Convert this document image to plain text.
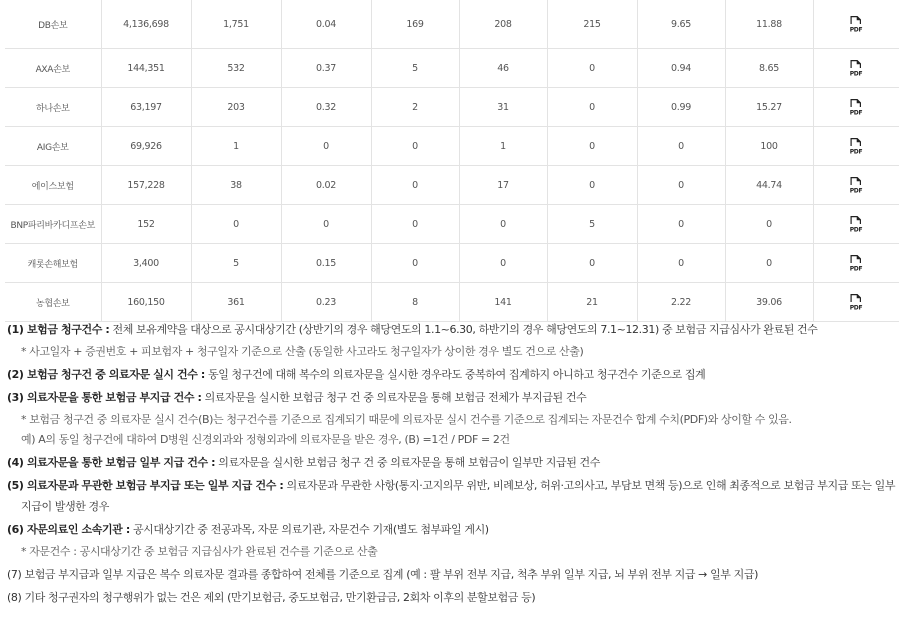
DB손보	4,136,698	1,751	0.04	169	208	215	9.65	11.88	PDF

AXA손보	144,351	532	0.37	5	46	0	0.94	8.65	PDF

하나손보	63,197	203	0.32	2	31	0	0.99	15.27	PDF

AIG손보	69,926	1	0	0	1	0	0	100	PDF

에이스보험	157,228	38	0.02	0	17	0	0	44.74	PDF

BNP파리바카디프손보	152	0	0	0	0	5	0	0	PDF

캐롯손해보험	3,400	5	0.15	0	0	0	0	0	PDF

농협손보	160,150	361	0.23	8	141	21	2.22	39.06	PDF

(1) 보험금 청구건수 : 전체 보유계약을 대상으로 공시대상기간 (상반기의 경우 해당연도의 1.1~6.30, 하반기의 경우 해당연도의 7.1~12.31) 중 보험금 지급심사가 완료된 건수

* 사고일자 + 증권번호 + 피보험자 + 청구일자 기준으로 산출 (동일한 사고라도 청구일자가 상이한 경우 별도 건으로 산출)

(2) 보험금 청구건 중 의료자문 실시 건수 : 동일 청구건에 대해 복수의 의료자문을 실시한 경우라도 중복하여 집계하지 아니하고 청구건수 기준으로 집계

(3) 의료자문을 통한 보험금 부지급 건수 : 의료자문을 실시한 보험금 청구 건 중 의료자문을 통해 보험금 전체가 부지급된 건수

* 보험금 청구건 중 의료자문 실시 건수(B)는 청구건수를 기준으로 집계되기 때문에 의료자문 실시 건수를 기준으로 집계되는 자문건수 합계 수치(PDF)와 상이할 수 있음.

예) A의 동일 청구건에 대하여 D병원 신경외과와 정형외과에 의료자문을 받은 경우, (B) =1건 / PDF = 2건

(4) 의료자문을 통한 보험금 일부 지급 건수 : 의료자문을 실시한 보험금 청구 건 중 의료자문을 통해 보험금이 일부만 지급된 건수

(5) 의료자문과 무관한 보험금 부지급 또는 일부 지급 건수 : 의료자문과 무관한 사항(통지·고지의무 위반, 비례보상, 허위·고의사고, 부담보 면책 등)으로 인해 최종적으로 보험금 부지급 또는 일부

지급이 발생한 경우

(6) 자문의료인 소속기관 : 공시대상기간 중 전공과목, 자문 의료기관, 자문건수 기재(별도 첨부파일 게시)

* 자문건수 : 공시대상기간 중 보험금 지급심사가 완료된 건수를 기준으로 산출

(7) 보험금 부지급과 일부 지급은 복수 의료자문 결과를 종합하여 전체를 기준으로 집계 (예 : 팔 부위 전부 지급, 척추 부위 일부 지급, 뇌 부위 전부 지급 → 일부 지급)

(8) 기타 청구권자의 청구행위가 없는 건은 제외 (만기보험금, 중도보험금, 만기환급금, 2회차 이후의 분할보험금 등)
